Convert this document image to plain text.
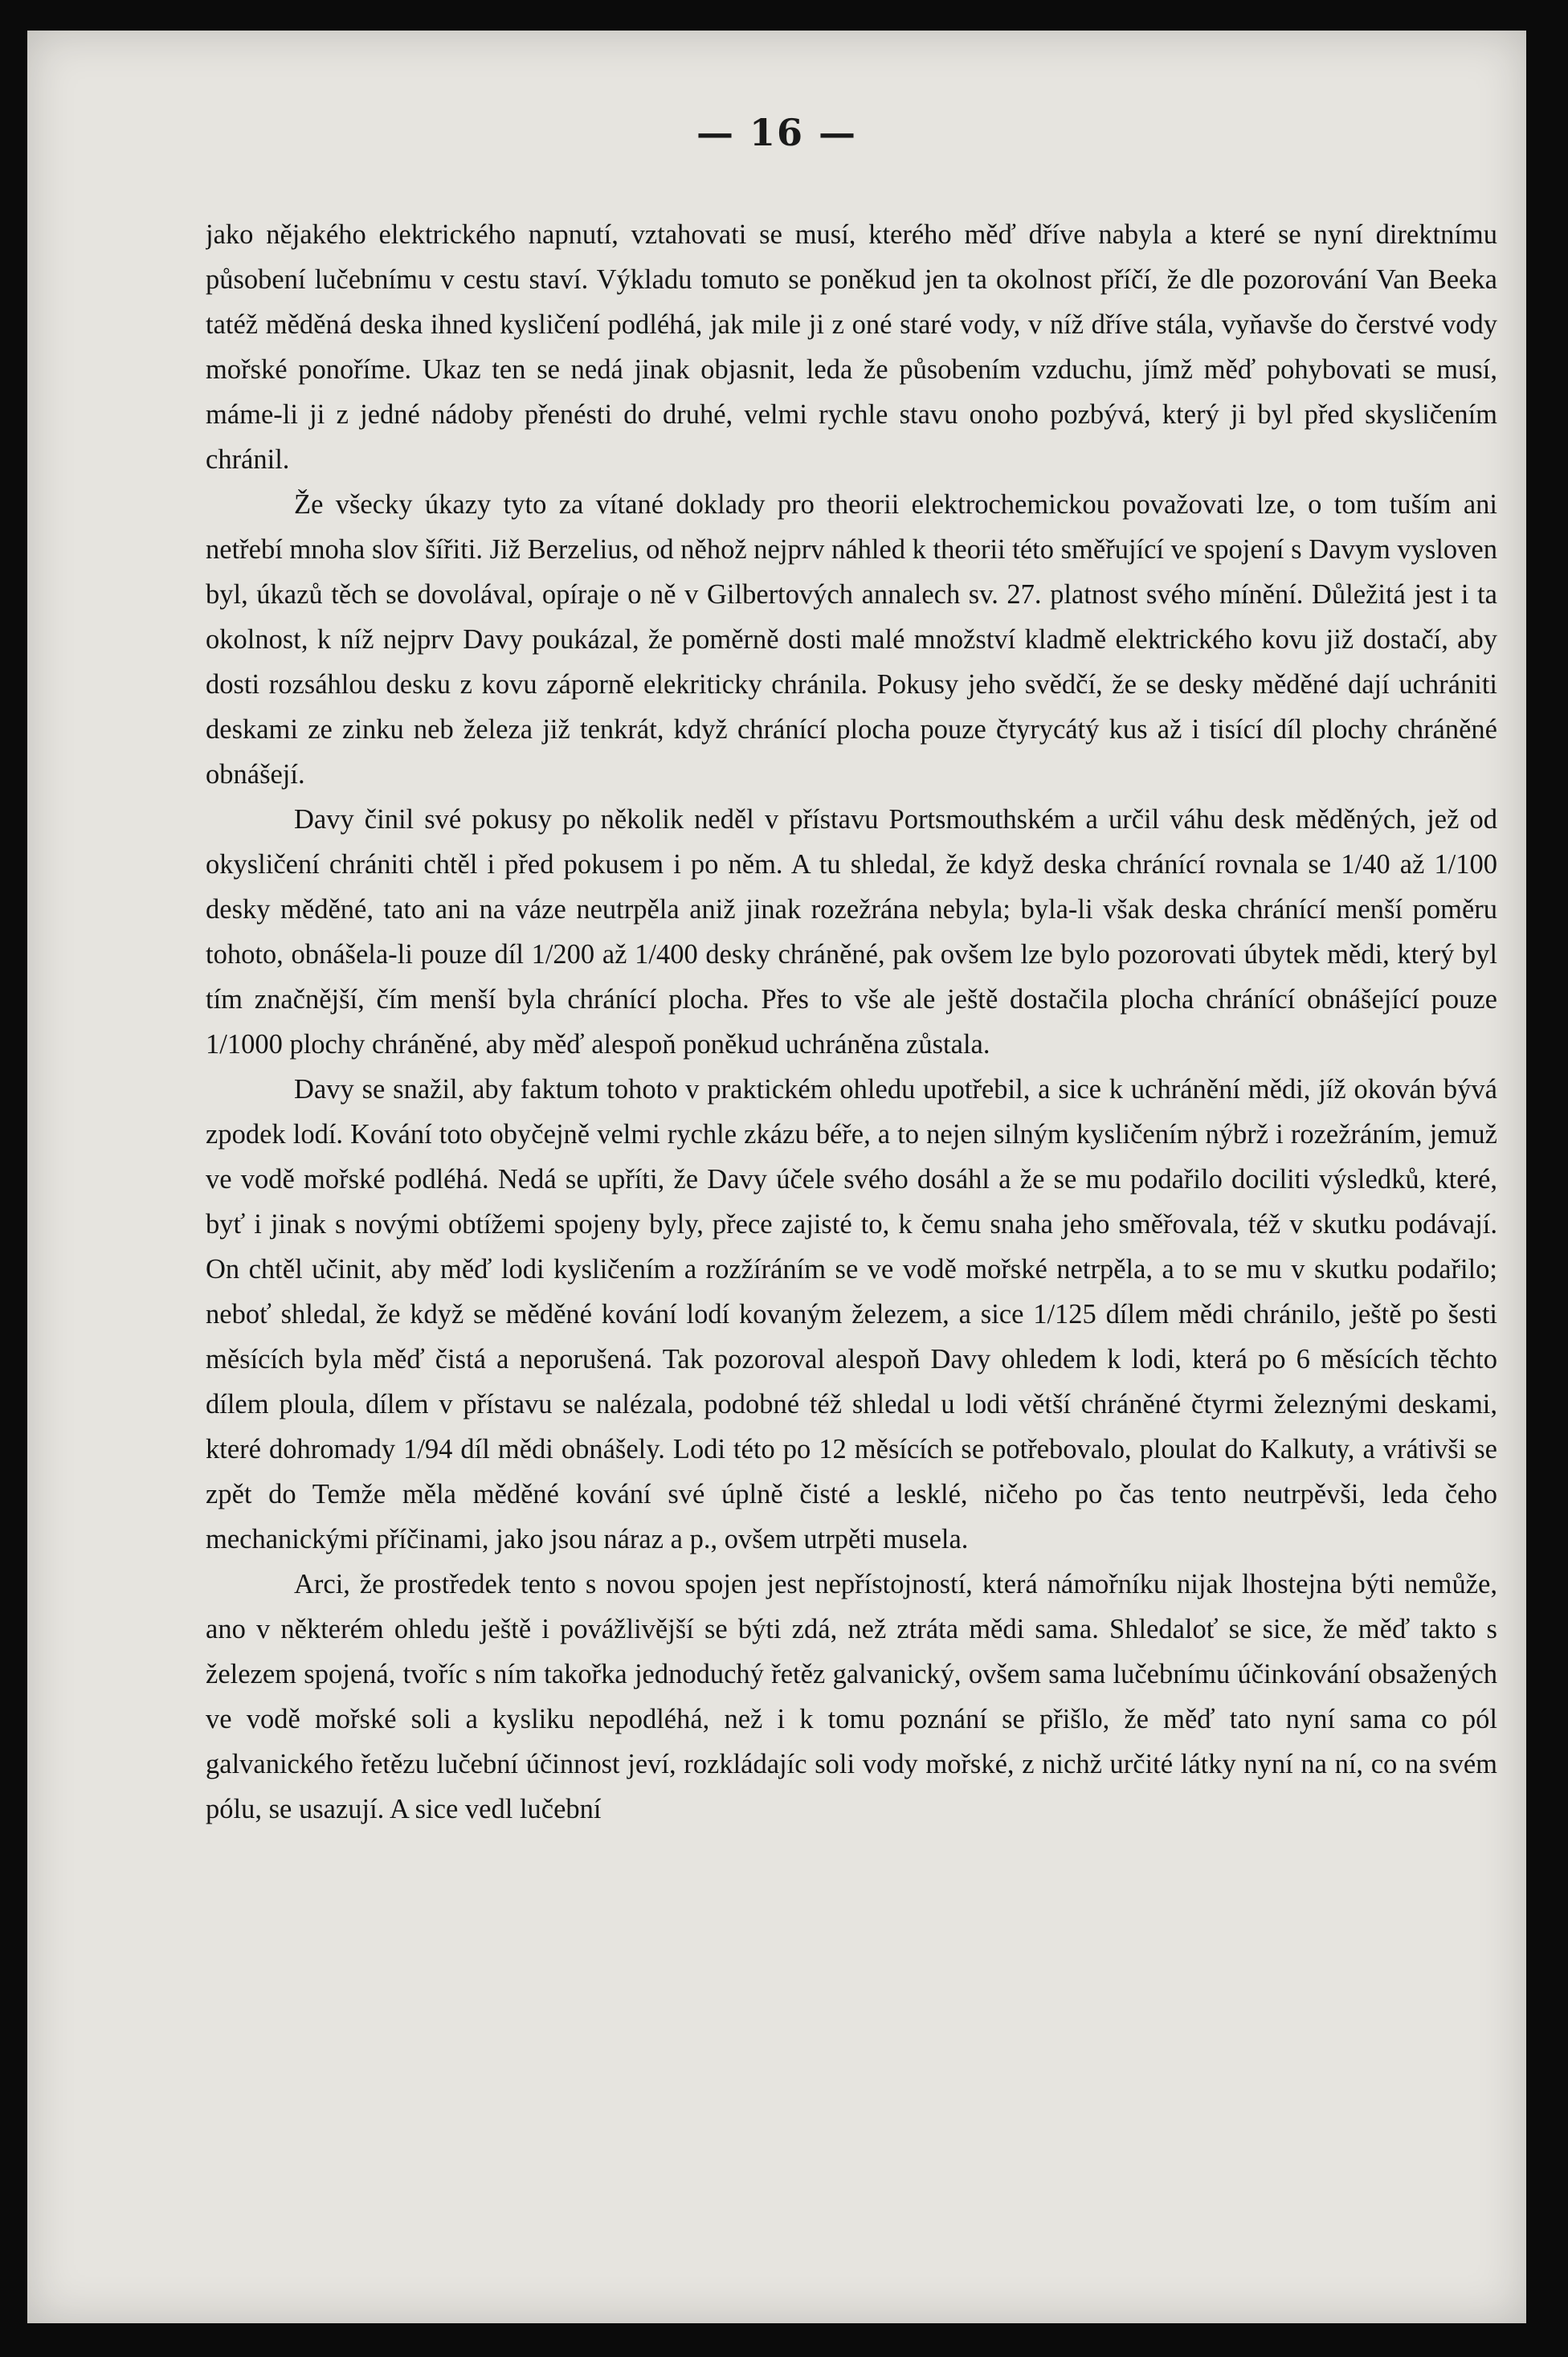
— 16 —

jako nějakého elektrického napnutí, vztahovati se musí, kterého měď dříve nabyla a které se nyní direktnímu působení lučebnímu v cestu staví. Výkladu tomuto se poněkud jen ta okolnost příčí, že dle pozorování Van Beeka tatéž měděná deska ihned kysličení podléhá, jak mile ji z oné staré vody, v níž dříve stála, vyňavše do čerstvé vody mořské ponoříme. Ukaz ten se nedá jinak objasnit, leda že působením vzduchu, jímž měď pohybovati se musí, máme-li ji z jedné nádoby přenésti do druhé, velmi rychle stavu onoho pozbývá, který ji byl před skysličením chránil.

Že všecky úkazy tyto za vítané doklady pro theorii elektrochemickou považovati lze, o tom tuším ani netřebí mnoha slov šířiti. Již Berzelius, od něhož nejprv náhled k theorii této směřující ve spojení s Davym vysloven byl, úkazů těch se dovolával, opíraje o ně v Gilbertových annalech sv. 27. platnost svého mínění. Důležitá jest i ta okolnost, k níž nejprv Davy poukázal, že poměrně dosti malé množství kladmě elektrického kovu již dostačí, aby dosti rozsáhlou desku z kovu záporně elekriticky chránila. Pokusy jeho svědčí, že se desky měděné dají uchrániti deskami ze zinku neb železa již tenkrát, když chránící plocha pouze čtyrycátý kus až i tisící díl plochy chráněné obnášejí.

Davy činil své pokusy po několik neděl v přístavu Portsmouthském a určil váhu desk měděných, jež od okysličení chrániti chtěl i před pokusem i po něm. A tu shledal, že když deska chránící rovnala se 1/40 až 1/100 desky měděné, tato ani na váze neutrpěla aniž jinak rozežrána nebyla; byla-li však deska chránící menší poměru tohoto, obnášela-li pouze díl 1/200 až 1/400 desky chráněné, pak ovšem lze bylo pozorovati úbytek mědi, který byl tím značnější, čím menší byla chránící plocha. Přes to vše ale ještě dostačila plocha chránící obnášející pouze 1/1000 plochy chráněné, aby měď alespoň poněkud uchráněna zůstala.

Davy se snažil, aby faktum tohoto v praktickém ohledu upotřebil, a sice k uchránění mědi, jíž okován bývá zpodek lodí. Kování toto obyčejně velmi rychle zkázu béře, a to nejen silným kysličením nýbrž i rozežráním, jemuž ve vodě mořské podléhá. Nedá se upříti, že Davy účele svého dosáhl a že se mu podařilo dociliti výsledků, které, byť i jinak s novými obtížemi spojeny byly, přece zajisté to, k čemu snaha jeho směřovala, též v skutku podávají. On chtěl učinit, aby měď lodi kysličením a rozžíráním se ve vodě mořské netrpěla, a to se mu v skutku podařilo; neboť shledal, že když se měděné kování lodí kovaným železem, a sice 1/125 dílem mědi chránilo, ještě po šesti měsících byla měď čistá a neporušená. Tak pozoroval alespoň Davy ohledem k lodi, která po 6 měsících těchto dílem ploula, dílem v přístavu se nalézala, podobné též shledal u lodi větší chráněné čtyrmi železnými deskami, které dohromady 1/94 díl mědi obnášely. Lodi této po 12 měsících se potřebovalo, ploulat do Kalkuty, a vrátivši se zpět do Temže měla měděné kování své úplně čisté a lesklé, ničeho po čas tento neutrpěvši, leda čeho mechanickými příčinami, jako jsou náraz a p., ovšem utrpěti musela.

Arci, že prostředek tento s novou spojen jest nepřístojností, která námořníku nijak lhostejna býti nemůže, ano v některém ohledu ještě i povážlivější se býti zdá, než ztráta mědi sama. Shledaloť se sice, že měď takto s železem spojená, tvoříc s ním takořka jednoduchý řetěz galvanický, ovšem sama lučebnímu účinkování obsažených ve vodě mořské soli a kysliku nepodléhá, než i k tomu poznání se přišlo, že měď tato nyní sama co pól galvanického řetězu lučební účinnost jeví, rozkládajíc soli vody mořské, z nichž určité látky nyní na ní, co na svém pólu, se usazují. A sice vedl lučební
